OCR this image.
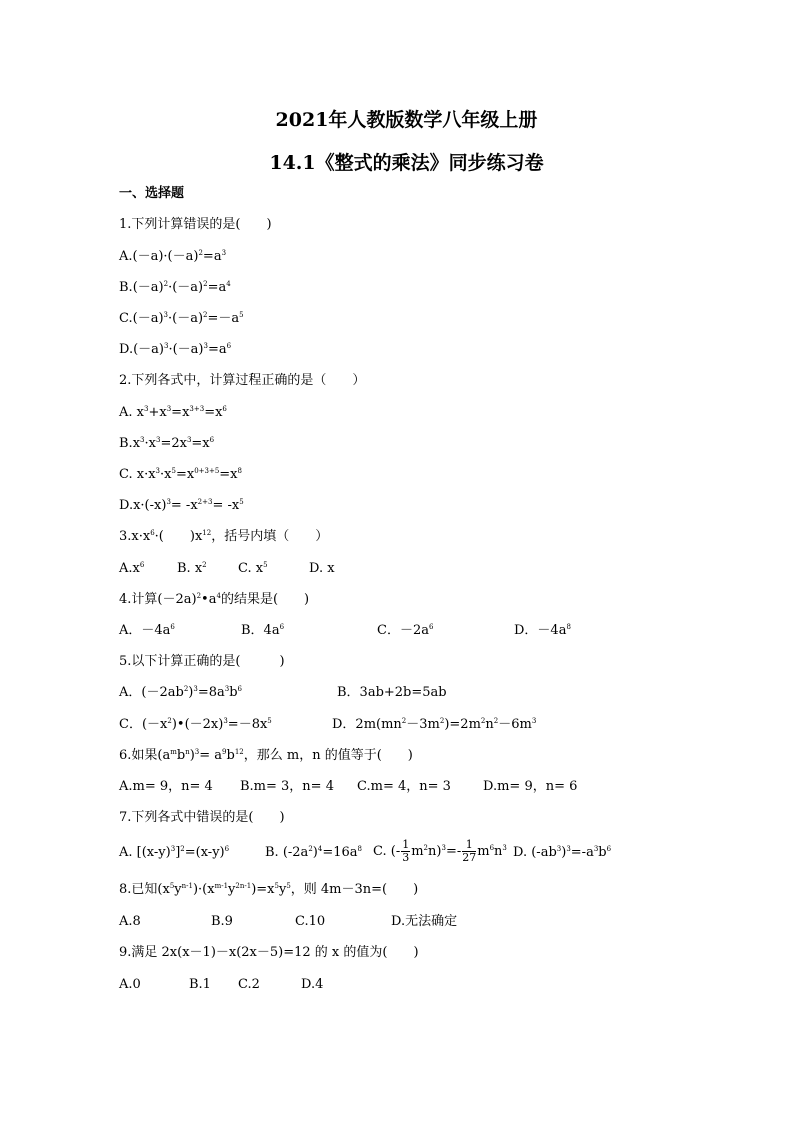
2021年人教版数学八年级上册
14.1《整式的乘法》同步练习卷
一、选择题
1.下列计算错误的是(　　)
$A.(-a)\cdot(-a)^2=a^3$
$B.(-a)^2\cdot(-a)^2=a^4$
$C.(-a)^3\cdot(-a)^2=-a^5$
$D.(-a)^3\cdot(-a)^3=a^6$
2.下列各式中，计算过程正确的是（　　）
A. $x^3+x^3=x^{3+3}=x^6$
$B.x^3\cdot x^3=2x^3=x^6$
C. $x\cdot x^3\cdot x^5=x^{0+3+5}=x^8$
$D.x\cdot(-x)^3= -x^{2+3}= -x^5$
$3.x\cdot x^6\cdot$(　　)$x^{12}$，括号内填（　　）
$A.x^6$	B. $x^2$ C. $x^5$	D. x
4.计算$(-2a)^2•a^4$的结果是(　　)
A．$-4a^6$	B．$4a^6$	C．$-2a^6$	D．$-4a^8$
5.以下计算正确的是(　　　)
A．$(-2ab^2)^3=8a^3b^6$	B．3ab+2b=5ab
C．$(-x^2)•(-2x)^3=-8x^5$	D．$2m(mn^2-3m^2)=2m^2n^2-6m^3$
6.如果$(a^mb^n)^3= a^9b^{12}$，那么 m，n 的值等于(　　)
A.m= 9，n= 4 B.m= 3，n= 4 C.m= 4，n= 3 D.m= 9，n= 6
7.下列各式中错误的是(　　)
A. $[(x-y)^3]^2=(x-y)^6$	B. $(-2a^2)^4=16a^8$ C. (- $\frac{1}{3} m^2n)^3=- \frac{1}{27} m^6n^3$ D. $(-ab^3)^3=-a^3b^6$
8.已知$(x^5y^{n-1})\cdot(x^{m-1}y^{2n-1})=x^5y^5$，则 4m－3n=(　　)
A.8	B.9	C.10	D.无法确定
9.满足 2x(x－1)－x(2x－5)=12 的 x 的值为(　　)
A.0	B.1 C.2	D.4
